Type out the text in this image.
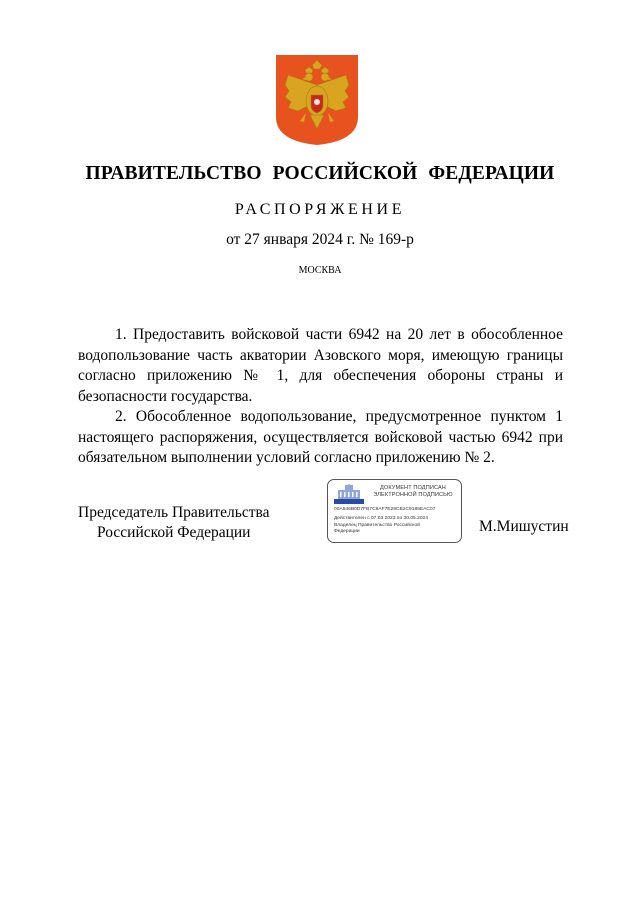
ПРАВИТЕЛЬСТВО РОССИЙСКОЙ ФЕДЕРАЦИИ
РАСПОРЯЖЕНИЕ
от 27 января 2024 г. № 169-р
МОСКВА

1. Предоставить войсковой части 6942 на 20 лет в обособленное водопользование часть акватории Азовского моря, имеющую границы согласно приложению № 1, для обеспечения обороны страны и безопасности государства.

2. Обособленное водопользование, предусмотренное пунктом 1 настоящего распоряжения, осуществляется войсковой частью 6942 при обязательном выполнении условий согласно приложению № 2.

Председатель Правительства
Российской Федерации
ДОКУМЕНТ ПОДПИСАН
ЭЛЕКТРОННОЙ ПОДПИСЬЮ
00A546B0D7FB7C9AF7E29CB2C9185EAC07
Действителен с 07.03.2023 по 30.05.2024
Владелец Правительство Российской
Федерации	М.Мишустин
